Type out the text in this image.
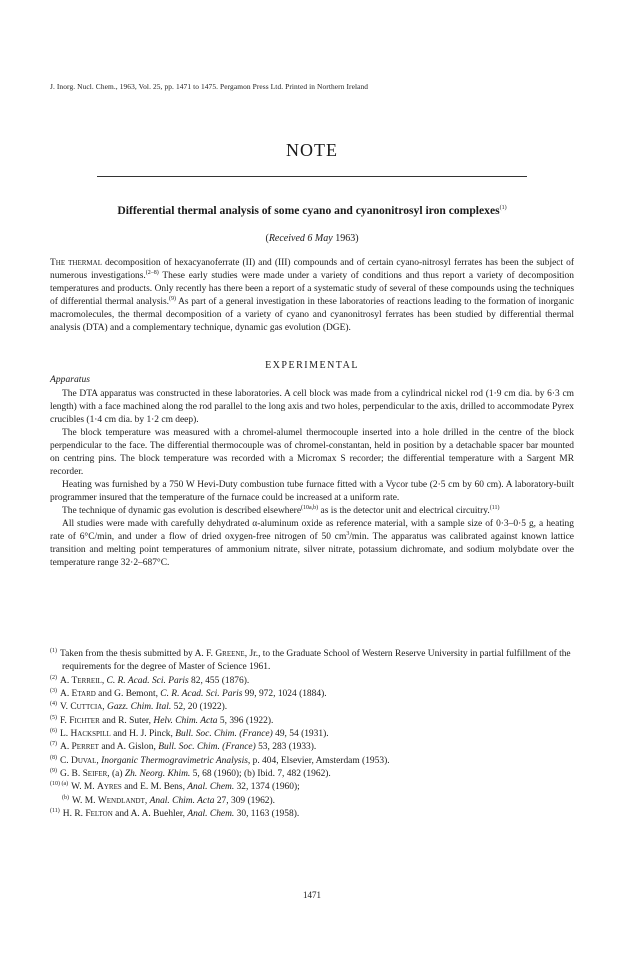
J. Inorg. Nucl. Chem., 1963, Vol. 25, pp. 1471 to 1475. Pergamon Press Ltd. Printed in Northern Ireland
NOTE
Differential thermal analysis of some cyano and cyanonitrosyl iron complexes$^{(1)}$
(Received 6 May 1963)

The thermal decomposition of hexacyanoferrate (II) and (III) compounds and of certain cyano-nitrosyl ferrates has been the subject of numerous investigations.$^{(2-8)}$ These early studies were made under a variety of conditions and thus report a variety of decomposition temperatures and products. Only recently has there been a report of a systematic study of several of these compounds using the techniques of differential thermal analysis.$^{(9)}$ As part of a general investigation in these laboratories of reactions leading to the formation of inorganic macromolecules, the thermal decomposition of a variety of cyano and cyanonitrosyl ferrates has been studied by differential thermal analysis (DTA) and a complementary technique, dynamic gas evolution (DGE).

EXPERIMENTAL
Apparatus

The DTA apparatus was constructed in these laboratories. A cell block was made from a cylindrical nickel rod (1·9 cm dia. by 6·3 cm length) with a face machined along the rod parallel to the long axis and two holes, perpendicular to the axis, drilled to accommodate Pyrex crucibles (1·4 cm dia. by 1·2 cm deep).

The block temperature was measured with a chromel-alumel thermocouple inserted into a hole drilled in the centre of the block perpendicular to the face. The differential thermocouple was of chromel-constantan, held in position by a detachable spacer bar mounted on centring pins. The block temperature was recorded with a Micromax S recorder; the differential temperature with a Sargent MR recorder.

Heating was furnished by a 750 W Hevi-Duty combustion tube furnace fitted with a Vycor tube (2·5 cm by 60 cm). A laboratory-built programmer insured that the temperature of the furnace could be increased at a uniform rate.

The technique of dynamic gas evolution is described elsewhere$^{(10a,b)}$ as is the detector unit and electrical circuitry.$^{(11)}$

All studies were made with carefully dehydrated α-aluminum oxide as reference material, with a sample size of 0·3–0·5 g, a heating rate of 6°C/min, and under a flow of dried oxygen-free nitrogen of 50 $cm^3/\min$. The apparatus was calibrated against known lattice transition and melting point temperatures of ammonium nitrate, silver nitrate, potassium dichromate, and sodium molybdate over the temperature range 32·2–687°C.

$^{(1)}$ Taken from the thesis submitted by A. F. Greene, Jr., to the Graduate School of Western Reserve University in partial fulfillment of the requirements for the degree of Master of Science 1961.

$^{(2)}$ A. Terreil, C. R. Acad. Sci. Paris 82, 455 (1876).

$^{(3)}$ A. Etard and G. Bemont, C. R. Acad. Sci. Paris 99, 972, 1024 (1884).

$^{(4)}$ V. Cuttcia, Gazz. Chim. Ital. 52, 20 (1922).

$^{(5)}$ F. Fichter and R. Suter, Helv. Chim. Acta 5, 396 (1922).

$^{(6)}$ L. Hackspill and H. J. Pinck, Bull. Soc. Chim. (France) 49, 54 (1931).

$^{(7)}$ A. Perret and A. Gislon, Bull. Soc. Chim. (France) 53, 283 (1933).

$^{(8)}$ C. Duval, Inorganic Thermogravimetric Analysis, p. 404, Elsevier, Amsterdam (1953).

$^{(9)}$ G. B. Seifer, (a) Zh. Neorg. Khim. 5, 68 (1960); (b) Ibid. 7, 482 (1962).

$^{(10) (a)}$ W. M. Ayres and E. M. Bens, Anal. Chem. 32, 1374 (1960);

$^{(b)}$ W. M. Wendlandt, Anal. Chim. Acta 27, 309 (1962).

$^{(11)}$ H. R. Felton and A. A. Buehler, Anal. Chem. 30, 1163 (1958).

1471
